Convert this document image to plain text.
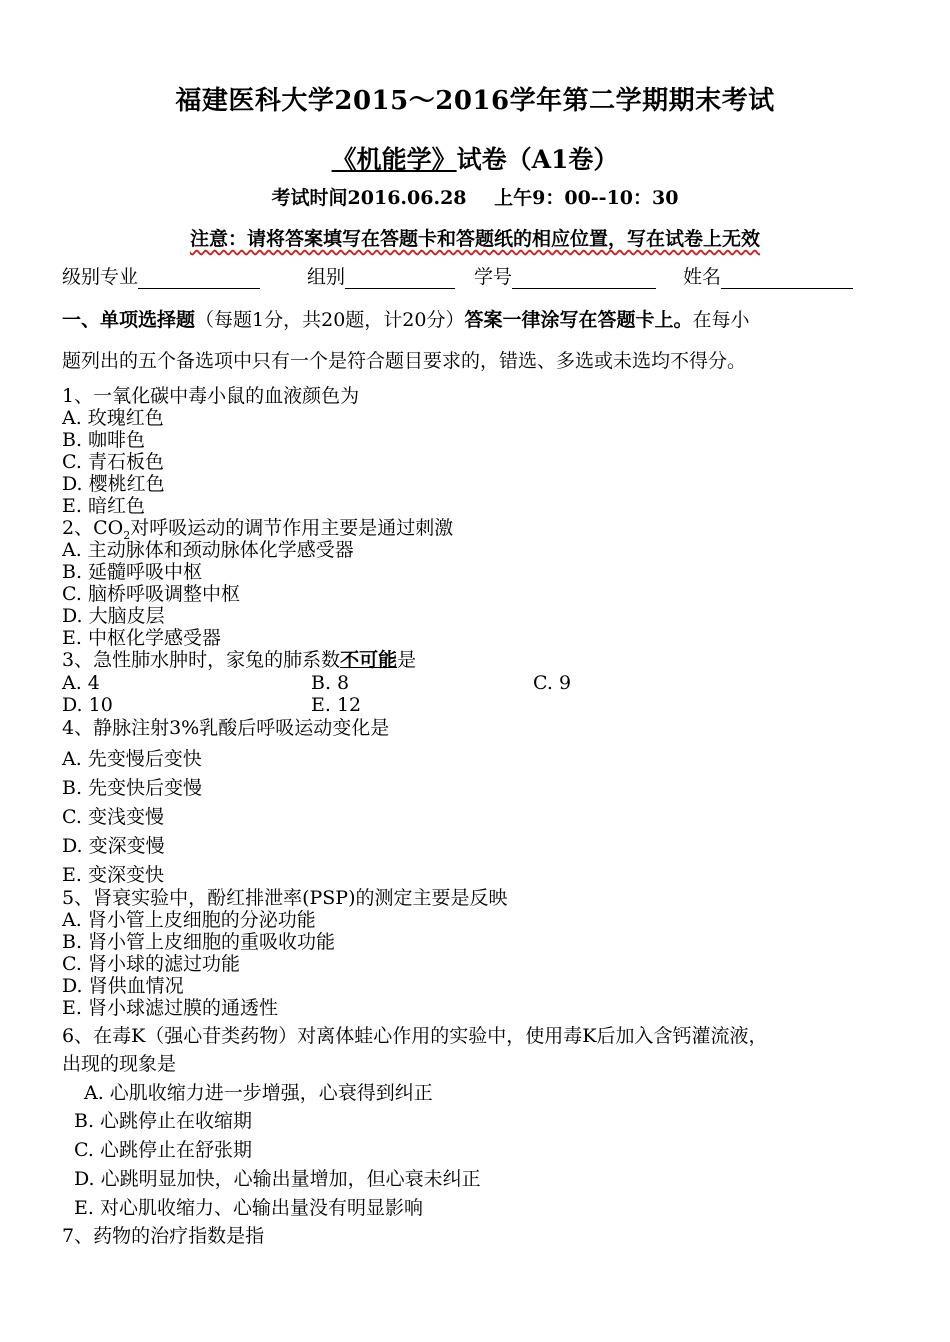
福建医科大学2015～2016学年第二学期期末考试
《机能学》试卷（A1卷）
考试时间2016.06.28　 上午9：00--10：30
注意：请将答案填写在答题卡和答题纸的相应位置，写在试卷上无效
级别专业	组别	学号	姓名
一、单项选择题（每题1分，共20题，计20分）答案一律涂写在答题卡上。在每小
题列出的五个备选项中只有一个是符合题目要求的，错选、多选或未选均不得分。
1、一氧化碳中毒小鼠的血液颜色为
A. 玫瑰红色
B. 咖啡色
C. 青石板色
D. 樱桃红色
E. 暗红色
2、$CO_2$对呼吸运动的调节作用主要是通过刺激
A. 主动脉体和颈动脉体化学感受器
B. 延髓呼吸中枢
C. 脑桥呼吸调整中枢
D. 大脑皮层
E. 中枢化学感受器
3、急性肺水肿时，家兔的肺系数不可能是
A. 4	B. 8	C. 9
D. 10	E. 12
4、静脉注射3%乳酸后呼吸运动变化是
A. 先变慢后变快
B. 先变快后变慢
C. 变浅变慢
D. 变深变慢
E. 变深变快
5、肾衰实验中，酚红排泄率(PSP)的测定主要是反映
A. 肾小管上皮细胞的分泌功能
B. 肾小管上皮细胞的重吸收功能
C. 肾小球的滤过功能
D. 肾供血情况
E. 肾小球滤过膜的通透性
6、在毒K（强心苷类药物）对离体蛙心作用的实验中，使用毒K后加入含钙灌流液，
出现的现象是
A. 心肌收缩力进一步增强，心衰得到纠正
B. 心跳停止在收缩期
C. 心跳停止在舒张期
D. 心跳明显加快，心输出量增加，但心衰未纠正
E. 对心肌收缩力、心输出量没有明显影响
7、药物的治疗指数是指
